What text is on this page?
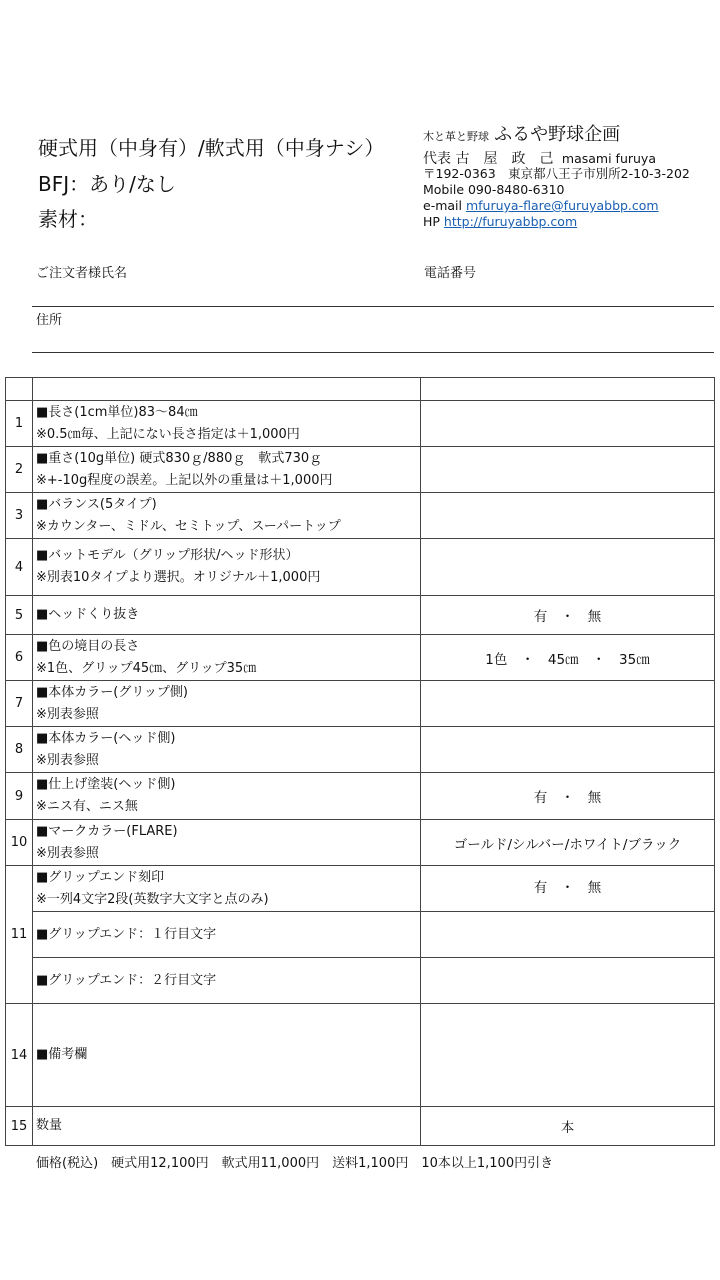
硬式用（中身有）/軟式用（中身ナシ）
BFJ：あり/なし
素材：
木と革と野球 ふるや野球企画
代表 古　屋　政　己 masami furuya
〒192-0363　東京都八王子市別所2-10-3-202
Mobile 090-8480-6310
e-mail mfuruya-flare@furuyabbp.com
HP http://furuyabbp.com
ご注文者様氏名	電話番号
住所

1	■長さ(1cm単位)83～84㎝
※0.5㎝毎、上記にない長さ指定は＋1,000円	

2	■重さ(10g単位) 硬式830ｇ/880ｇ　軟式730ｇ
※+-10g程度の誤差。上記以外の重量は＋1,000円	

3	■バランス(5タイプ)
※カウンター、ミドル、セミトップ、スーパートップ	

4	■バットモデル（グリップ形状/ヘッド形状）
※別表10タイプより選択。オリジナル＋1,000円	

5	■ヘッドくり抜き	有　・　無
6	■色の境目の長さ
※1色、グリップ45㎝、グリップ35㎝	1色　・　45㎝　・　35㎝
7	■本体カラー(グリップ側)
※別表参照	

8	■本体カラー(ヘッド側)
※別表参照	

9	■仕上げ塗装(ヘッド側)
※ニス有、ニス無	有　・　無
10	■マークカラー(FLARE)
※別表参照	ゴールド/シルバー/ホワイト/ブラック
11	■グリップエンド刻印
※一列4文字2段(英数字大文字と点のみ)	有　・　無

	■グリップエンド：１行目文字	

	■グリップエンド：２行目文字	

14	■備考欄	

15	数量	本
価格(税込)　硬式用12,100円　軟式用11,000円　送料1,100円　10本以上1,100円引き
